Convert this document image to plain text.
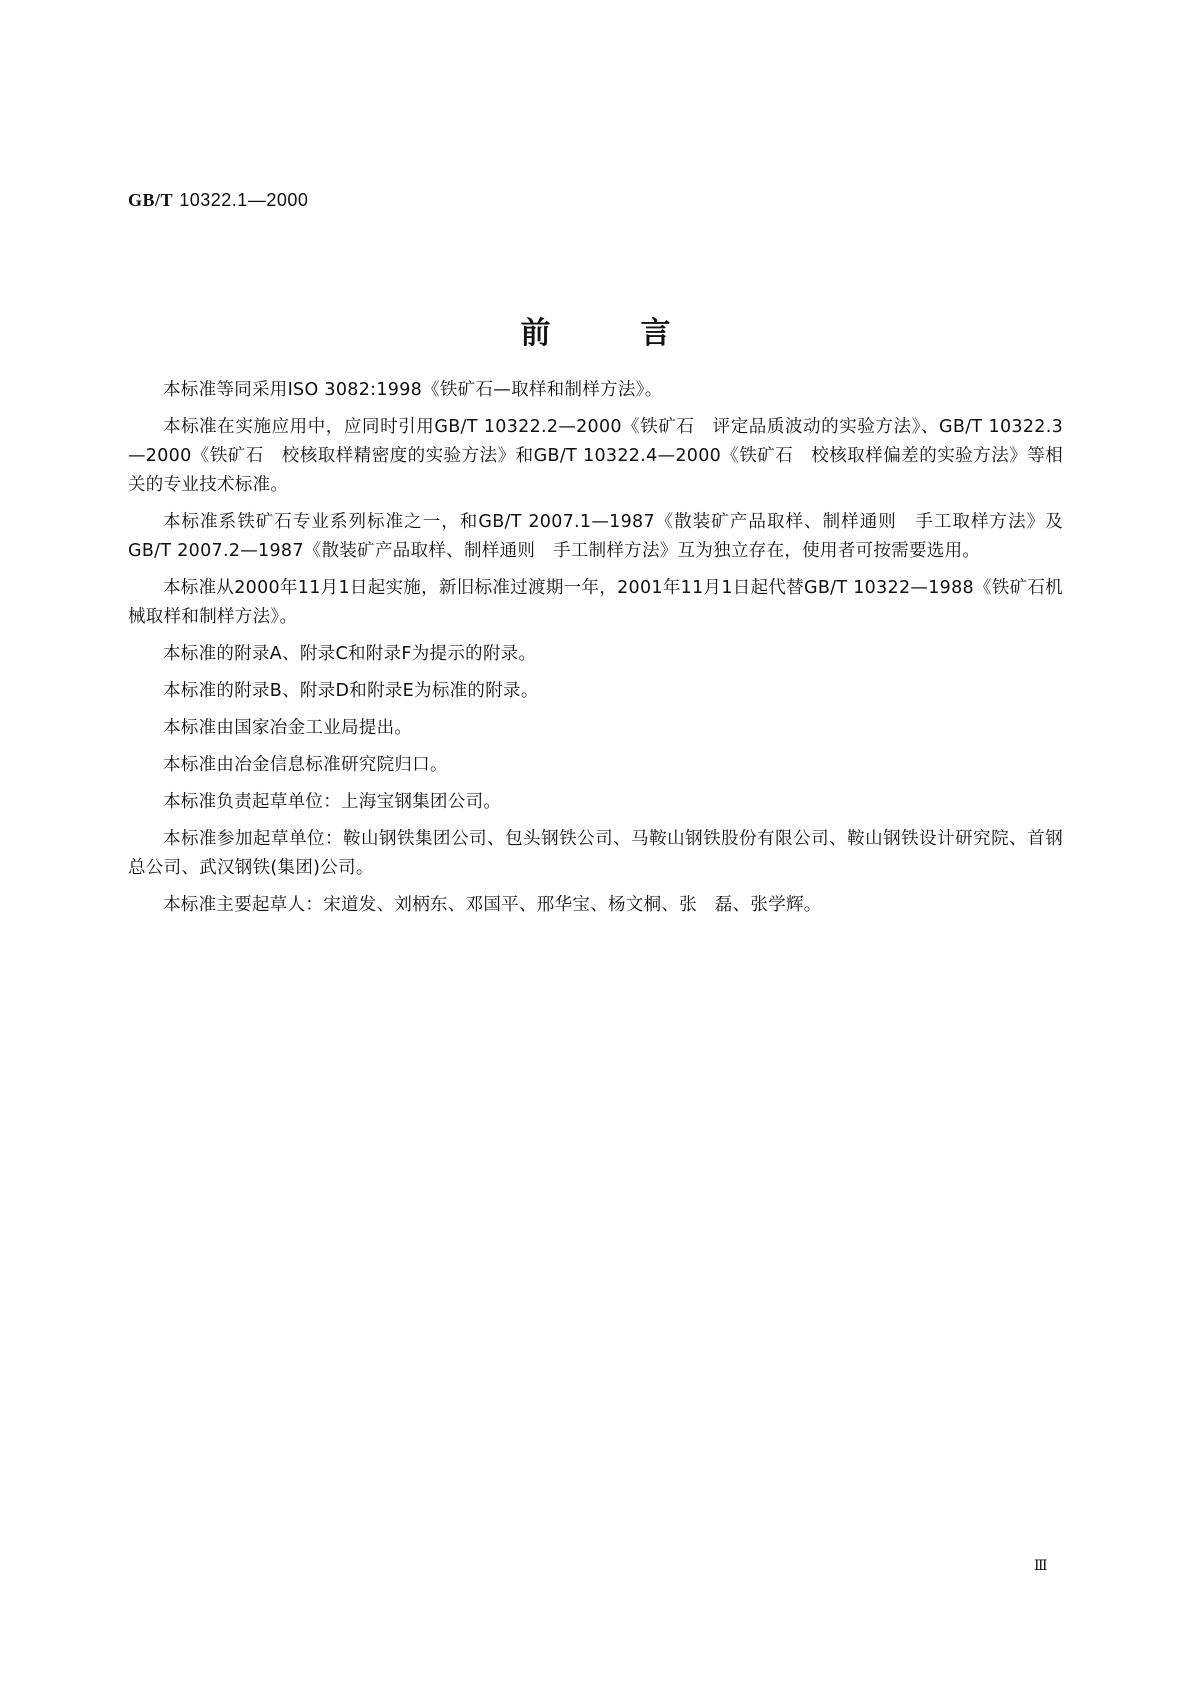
GB/T 10322.1—2000
前言

本标准等同采用ISO 3082:1998《铁矿石—取样和制样方法》。

本标准在实施应用中，应同时引用GB/T 10322.2—2000《铁矿石　评定品质波动的实验方法》、GB/T 10322.3—2000《铁矿石　校核取样精密度的实验方法》和GB/T 10322.4—2000《铁矿石　校核取样偏差的实验方法》等相关的专业技术标准。

本标准系铁矿石专业系列标准之一，和GB/T 2007.1—1987《散装矿产品取样、制样通则　手工取样方法》及GB/T 2007.2—1987《散装矿产品取样、制样通则　手工制样方法》互为独立存在，使用者可按需要选用。

本标准从2000年11月1日起实施，新旧标准过渡期一年，2001年11月1日起代替GB/T 10322—1988《铁矿石机械取样和制样方法》。

本标准的附录A、附录C和附录F为提示的附录。

本标准的附录B、附录D和附录E为标准的附录。

本标准由国家冶金工业局提出。

本标准由冶金信息标准研究院归口。

本标准负责起草单位：上海宝钢集团公司。

本标准参加起草单位：鞍山钢铁集团公司、包头钢铁公司、马鞍山钢铁股份有限公司、鞍山钢铁设计研究院、首钢总公司、武汉钢铁(集团)公司。

本标准主要起草人：宋道发、刘柄东、邓国平、邢华宝、杨文桐、张　磊、张学辉。

Ⅲ
